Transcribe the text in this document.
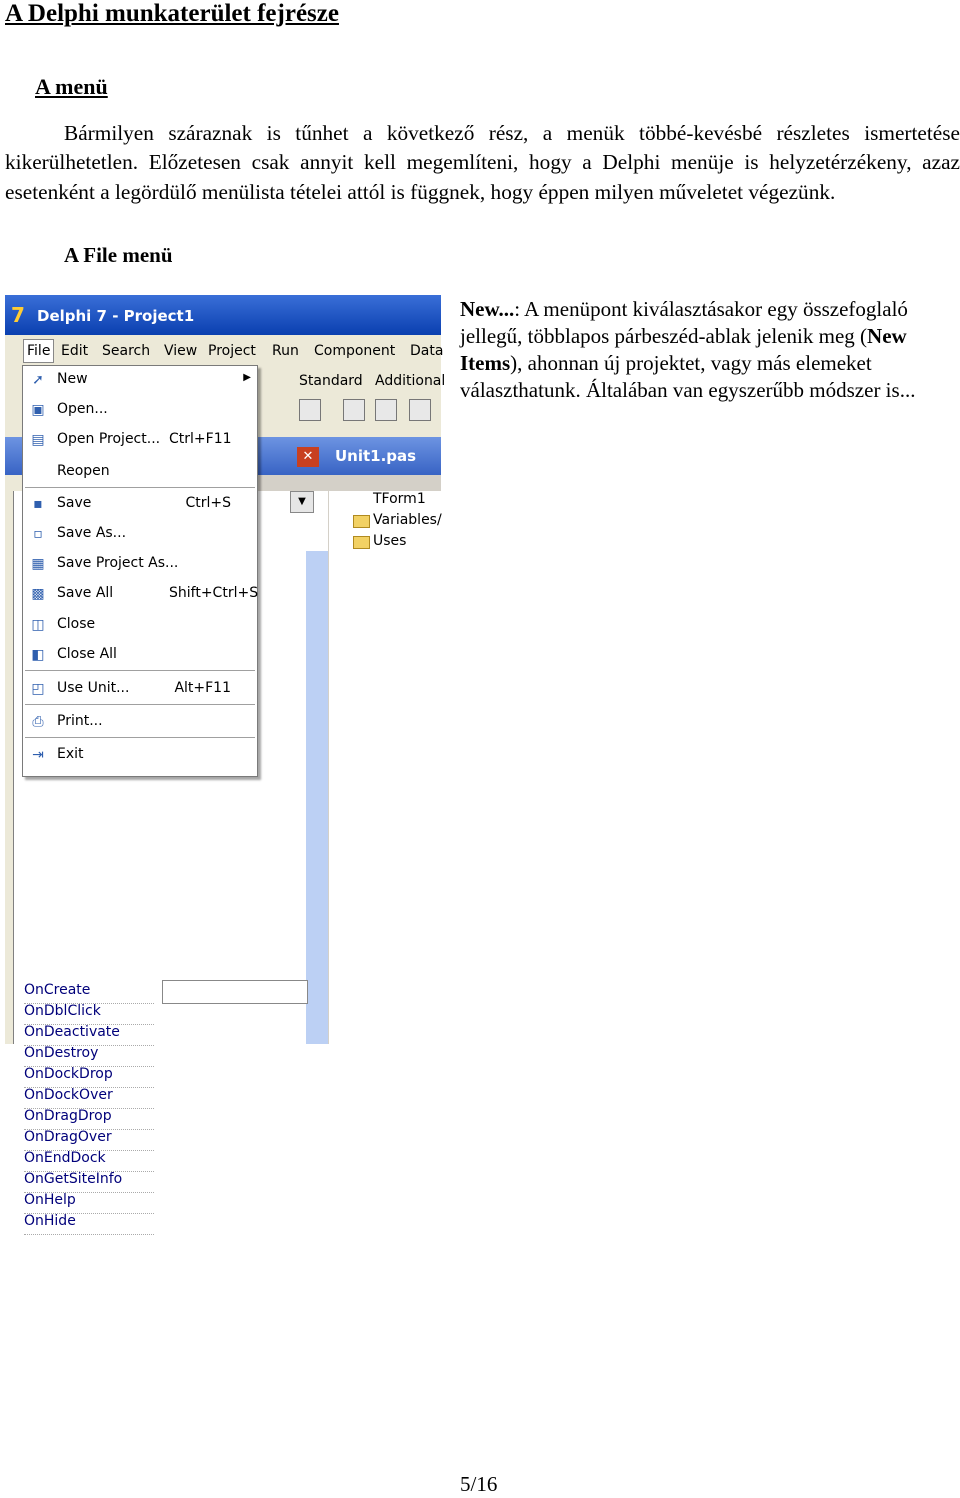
A Delphi munkaterület fejrésze
A menü
Bármilyen száraznak is tűnhet a következő rész, a menük többé-kevésbé részletes ismertetése kikerülhetetlen. Előzetesen csak annyit kell megemlíteni, hogy a Delphi menüje is helyzetérzékeny, azaz esetenként a legördülő menülista tételei attól is függnek, hogy éppen milyen műveletet végezünk.
A File menü
7 Delphi 7 - Project1
File Edit Search View Project Run Component Data
Standard Additional
✕	Unit1.pas
▼
OnCreate
OnDblClick
OnDeactivate
OnDestroy
OnDockDrop
OnDockOver
OnDragDrop
OnDragOver
OnEndDock
OnGetSiteInfo
OnHelp
OnHide
TForm1
Variables/
Uses
➚ New	▶
▣ Open...
▤ Open Project... Ctrl+F11
Reopen
▪	Save	Ctrl+S
▫	Save As...
▦ Save Project As...
▩ Save All	Shift+Ctrl+S
◫ Close
◧ Close All
◰ Use Unit...	Alt+F11
⎙ Print...
⇥ Exit
New...: A menüpont kiválasztásakor egy összefoglaló jellegű, többlapos párbeszéd-ablak jelenik meg (New Items), ahonnan új projektet, vagy más elemeket választhatunk. Általában van egyszerűbb módszer is...
5/16
